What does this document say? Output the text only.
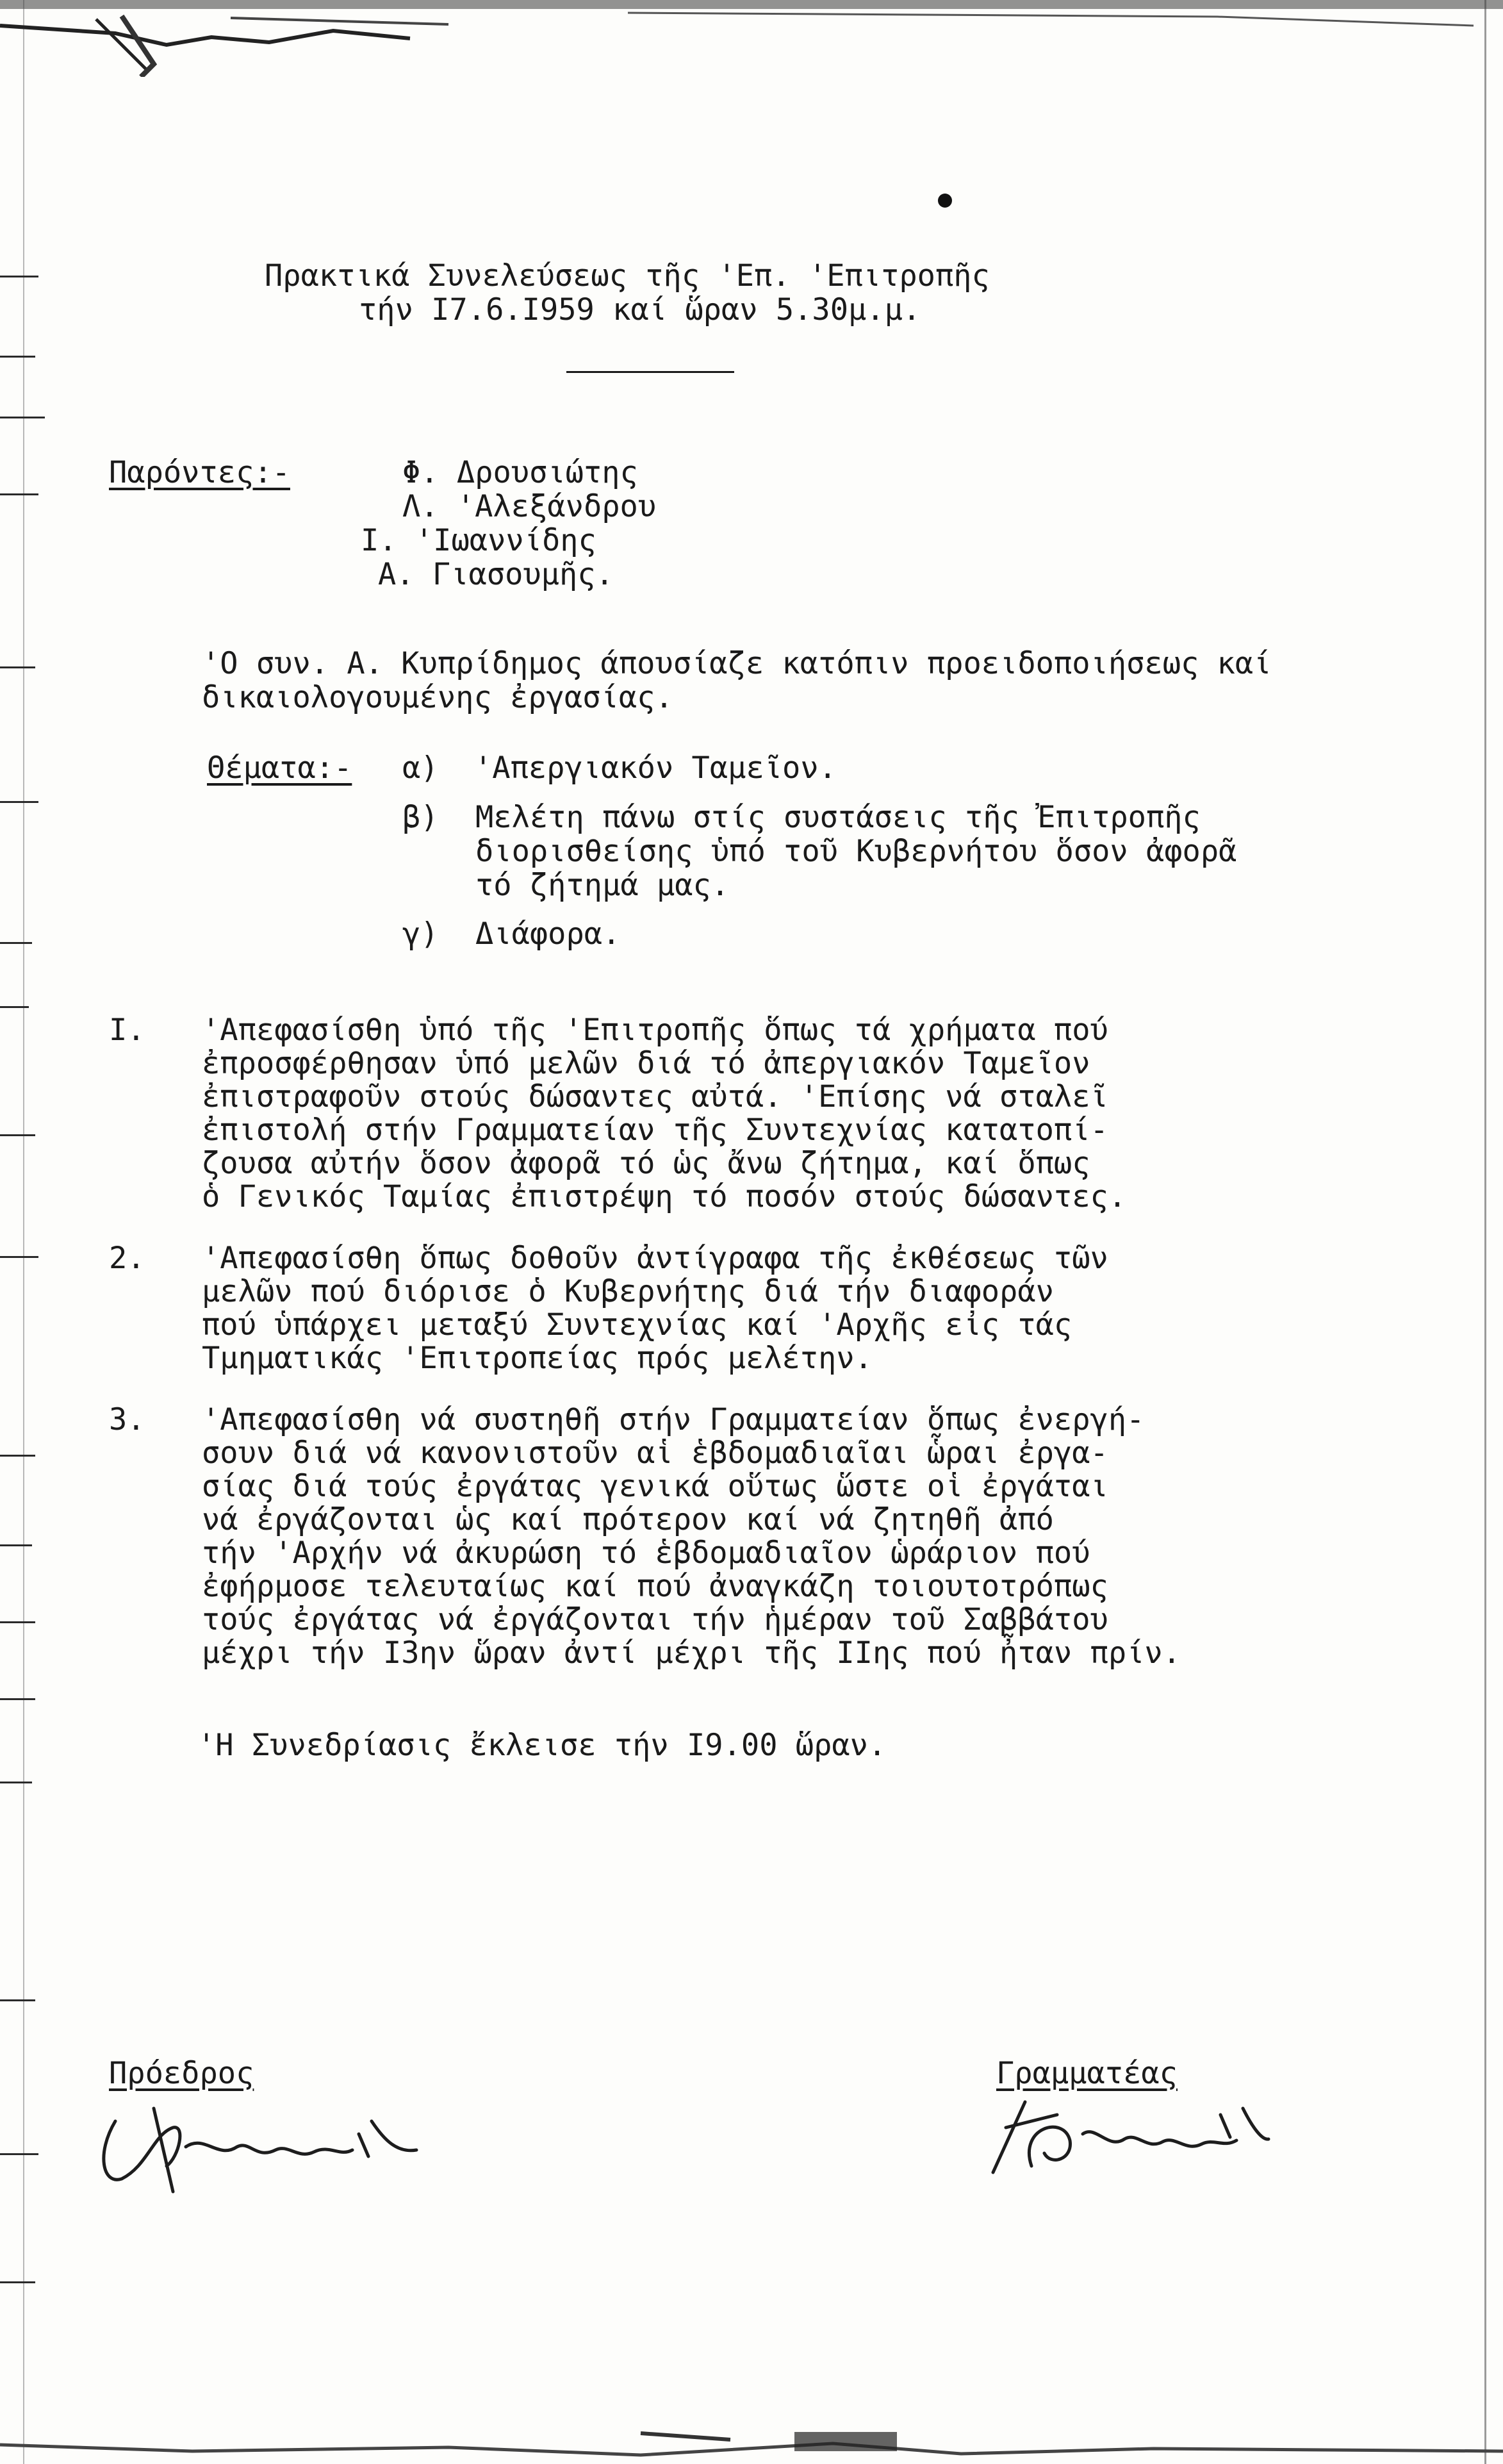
Πρακτικά Συνελεύσεως τῆς 'Επ. 'Επιτροπῆς
τήν Ι7.6.Ι959 καί ὥραν 5.30μ.μ.
Παρόντες:-	Φ. Δρουσιώτης
Λ. 'Αλεξάνδρου
Ι. 'Ιωαννίδης
Α. Γιασουμῆς.
'Ο συν. Α. Κυπρίδημος άπουσίαζε κατόπιν προειδοποιήσεως καί
δικαιολογουμένης ἐργασίας.
Θέματα:- α) 'Απεργιακόν Ταμεῖον.
β) Μελέτη πάνω στίς συστάσεις τῆς Ἐπιτροπῆς
διορισθείσης ὑπό τοῦ Κυβερνήτου ὅσον ἀφορᾶ
τό ζήτημά μας.
γ) Διάφορα.
Ι. 'Απεφασίσθη ὑπό τῆς 'Επιτροπῆς ὅπως τά χρήματα πού
ἐπροσφέρθησαν ὑπό μελῶν διά τό ἀπεργιακόν Ταμεῖον
ἐπιστραφοῦν στούς δώσαντες αὐτά. 'Επίσης νά σταλεῖ
ἐπιστολή στήν Γραμματείαν τῆς Συντεχνίας κατατοπί-
ζουσα αὐτήν ὅσον ἀφορᾶ τό ὡς ἄνω ζήτημα, καί ὅπως
ὁ Γενικός Ταμίας ἐπιστρέψη τό ποσόν στούς δώσαντες.
2. 'Απεφασίσθη ὅπως δοθοῦν ἀντίγραφα τῆς ἐκθέσεως τῶν
μελῶν πού διόρισε ὁ Κυβερνήτης διά τήν διαφοράν
πού ὑπάρχει μεταξύ Συντεχνίας καί 'Αρχῆς εἰς τάς
Τμηματικάς 'Επιτροπείας πρός μελέτην.
3. 'Απεφασίσθη νά συστηθῆ στήν Γραμματείαν ὅπως ἐνεργή-
σουν διά νά κανονιστοῦν αἱ ἑβδομαδιαῖαι ὧραι ἐργα-
σίας διά τούς ἐργάτας γενικά οὕτως ὥστε οἱ ἐργάται
νά ἐργάζονται ὡς καί πρότερον καί νά ζητηθῆ ἀπό
τήν 'Αρχήν νά ἀκυρώση τό ἑβδομαδιαῖον ὡράριον πού
ἐφήρμοσε τελευταίως καί πού ἀναγκάζη τοιουτοτρόπως
τούς ἐργάτας νά ἐργάζονται τήν ἡμέραν τοῦ Σαββάτου
μέχρι τήν Ι3ην ὥραν ἀντί μέχρι τῆς ΙΙης πού ἦταν πρίν.
'Η Συνεδρίασις ἔκλεισε τήν Ι9.00 ὥραν.
Πρόεδρος	Γραμματέας
